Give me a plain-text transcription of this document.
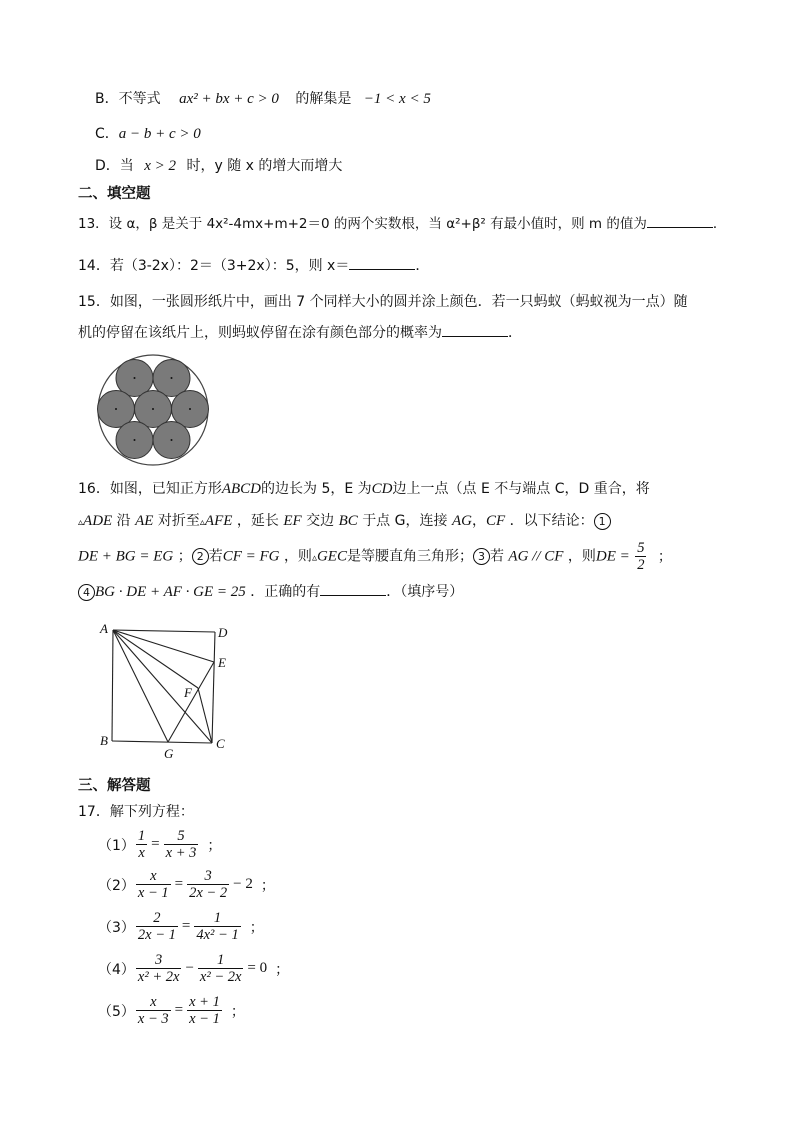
B．不等式 ax² + bx + c > 0 的解集是 −1 < x < 5
C．a − b + c > 0
D．当 x > 2 时，y 随 x 的增大而增大
二、填空题
13．设 α，β 是关于 4x²-4mx+m+2＝0 的两个实数根，当 α²+β² 有最小值时，则 m 的值为	．
14．若（3-2x）：2＝（3+2x）：5，则 x＝	．
15．如图，一张圆形纸片中，画出 7 个同样大小的圆并涂上颜色．若一只蚂蚁（蚂蚁视为一点）随
机的停留在该纸片上，则蚂蚁停留在涂有颜色部分的概率为	．
16．如图，已知正方形ABCD的边长为 5，E 为CD边上一点（点 E 不与端点 C，D 重合，将
▵ADE 沿 AE 对折至▵AFE ，延长 EF 交边 BC 于点 G，连接 AG，CF ．以下结论： 1
DE + BG = EG ； 2 若CF = FG ，则▵GEC是等腰直角三角形； 3 若 AG // CF ，则DE = $\frac{5}{2}$ ；
4 BG · DE + AF · GE = 25 ．正确的有	．（填序号）
A	D
E
F
B	C
G
三、解答题
17．解下列方程：
$(1) \frac{1}{x} = \frac{5}{x + 3}$ ；
$(2) \frac{x}{x - 1} = \frac{3}{2x - 2} - 2$ ；
$(3) \frac{2}{2x - 1} = \frac{1}{\text{4x² − 1}}$ ；
$(4) \frac{3}{\text{x² + 2x}} - \frac{1}{\text{x² − 2x}} = 0$ ；
$(5) \frac{x}{x - 3} = \frac{x + 1}{x - 1}$ ；
